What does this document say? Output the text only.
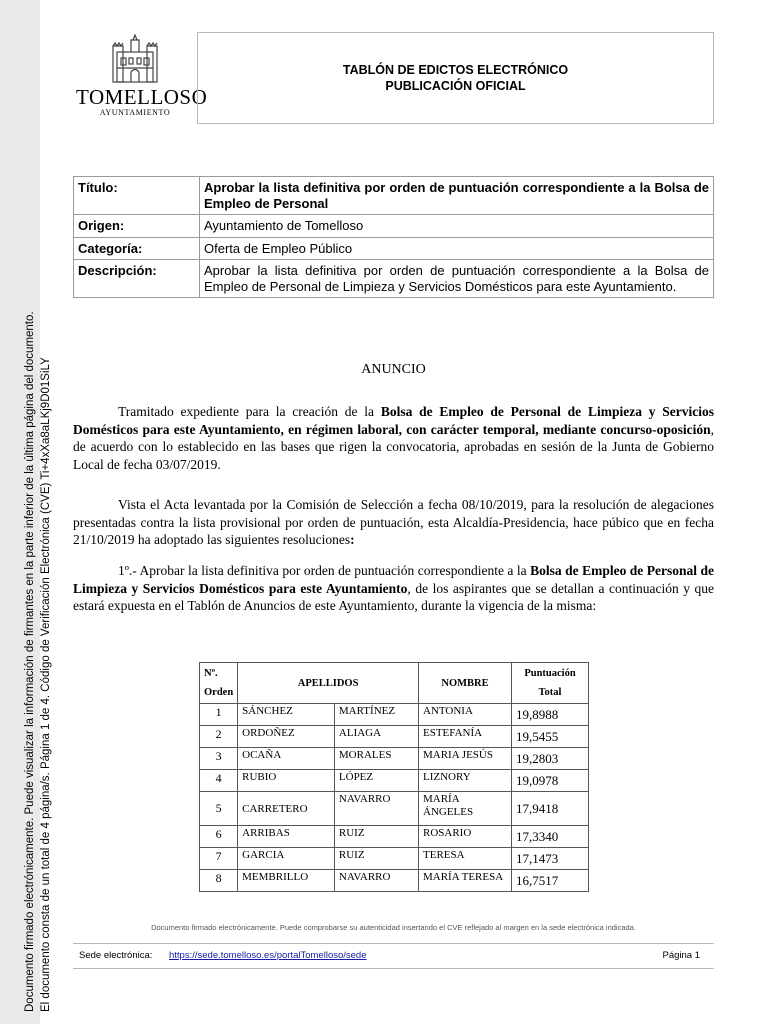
Documento firmado electrónicamente. Puede visualizar la información de firmantes en la parte inferior de la última página del documento. El documento consta de un total de 4 página/s. Página 1 de 4. Código de Verificación Electrónica (CVE) Ti+4xXa8aLKj9D01SiLY
TOMELLOSO
AYUNTAMIENTO
TABLÓN DE EDICTOS ELECTRÓNICO
PUBLICACIÓN OFICIAL
Título:	Aprobar la lista definitiva por orden de puntuación correspondiente a la Bolsa de Empleo de Personal
Origen:	Ayuntamiento de Tomelloso
Categoría:	Oferta de Empleo Público
Descripción:	Aprobar la lista definitiva por orden de puntuación correspondiente a la Bolsa de Empleo de Personal de Limpieza y Servicios Domésticos para este Ayuntamiento.
ANUNCIO
Tramitado expediente para la creación de la Bolsa de Empleo de Personal de Limpieza y Servicios Domésticos para este Ayuntamiento, en régimen laboral, con carácter temporal, mediante concurso-oposición, de acuerdo con lo establecido en las bases que rigen la convocatoria, aprobadas en sesión de la Junta de Gobierno Local de fecha 03/07/2019.
Vista el Acta levantada por la Comisión de Selección a fecha 08/10/2019, para la resolución de alegaciones presentadas contra la lista provisional por orden de puntuación, esta Alcaldía-Presidencia, hace púbico que en fecha 21/10/2019 ha adoptado las siguientes resoluciones:
1º.- Aprobar la lista definitiva por orden de puntuación correspondiente a la Bolsa de Empleo de Personal de Limpieza y Servicios Domésticos para este Ayuntamiento, de los aspirantes que se detallan a continuación y que estará expuesta en el Tablón de Anuncios de este Ayuntamiento, durante la vigencia de la misma:
Nº. Orden	APELLIDOS		NOMBRE	Puntuación Total
1	SÁNCHEZ	MARTÍNEZ	ANTONIA	19,8988
2	ORDOÑEZ	ALIAGA	ESTEFANÍA	19,5455
3	OCAÑA	MORALES	MARIA JESÚS	19,2803
4	RUBIO	LÓPEZ	LIZNORY	19,0978
5	CARRETERO	NAVARRO	MARÍA ÁNGELES	17,9418
6	ARRIBAS	RUIZ	ROSARIO	17,3340
7	GARCIA	RUIZ	TERESA	17,1473
8	MEMBRILLO	NAVARRO	MARÍA TERESA	16,7517
Documento firmado electrónicamente. Puede comprobarse su autenticidad insertando el CVE reflejado al margen en la sede electrónica indicada.
Sede electrónica: https://sede.tomelloso.es/portalTomelloso/sede	Página 1
